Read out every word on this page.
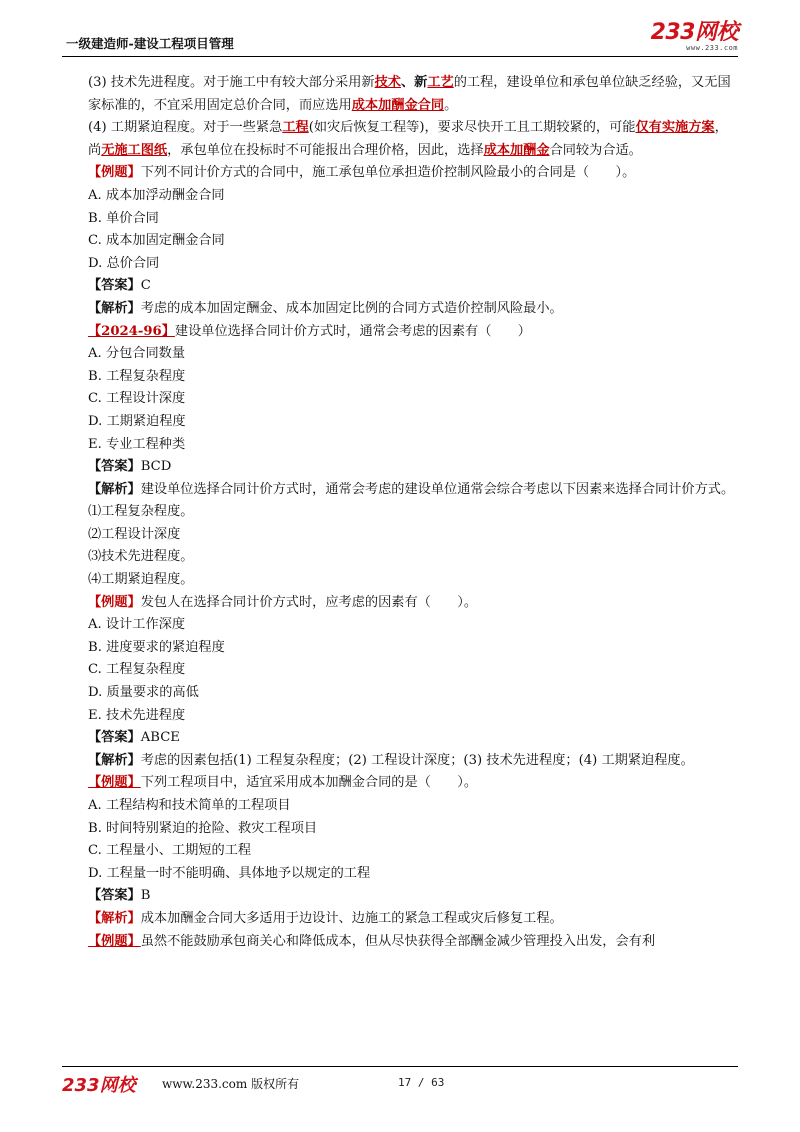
一级建造师-建设工程项目管理	233网校
www.233.com

(3) 技术先进程度。对于施工中有较大部分采用新技术、新工艺的工程，建设单位和承包单位缺乏经验，又无国家标准的，不宜采用固定总价合同，而应选用成本加酬金合同。

(4) 工期紧迫程度。对于一些紧急工程(如灾后恢复工程等)，要求尽快开工且工期较紧的，可能仅有实施方案，尚无施工图纸，承包单位在投标时不可能报出合理价格，因此，选择成本加酬金合同较为合适。

【例题】下列不同计价方式的合同中，施工承包单位承担造价控制风险最小的合同是（　　）。

A. 成本加浮动酬金合同

B. 单价合同

C. 成本加固定酬金合同

D. 总价合同

【答案】C

【解析】考虑的成本加固定酬金、成本加固定比例的合同方式造价控制风险最小。

【2024-96】建设单位选择合同计价方式时，通常会考虑的因素有（　　）

A. 分包合同数量

B. 工程复杂程度

C. 工程设计深度

D. 工期紧迫程度

E. 专业工程种类

【答案】BCD

【解析】建设单位选择合同计价方式时，通常会考虑的建设单位通常会综合考虑以下因素来选择合同计价方式。

⑴工程复杂程度。

⑵工程设计深度

⑶技术先进程度。

⑷工期紧迫程度。

【例题】发包人在选择合同计价方式时，应考虑的因素有（　　）。

A. 设计工作深度

B. 进度要求的紧迫程度

C. 工程复杂程度

D. 质量要求的高低

E. 技术先进程度

【答案】ABCE

【解析】考虑的因素包括(1) 工程复杂程度；(2) 工程设计深度；(3) 技术先进程度；(4) 工期紧迫程度。

【例题】下列工程项目中，适宜采用成本加酬金合同的是（　　）。

A. 工程结构和技术简单的工程项目

B. 时间特别紧迫的抢险、救灾工程项目

C. 工程量小、工期短的工程

D. 工程量一时不能明确、具体地予以规定的工程

【答案】B

【解析】成本加酬金合同大多适用于边设计、边施工的紧急工程或灾后修复工程。

【例题】虽然不能鼓励承包商关心和降低成本，但从尽快获得全部酬金减少管理投入出发，会有利

233网校 www.233.com 版权所有	17 / 63
